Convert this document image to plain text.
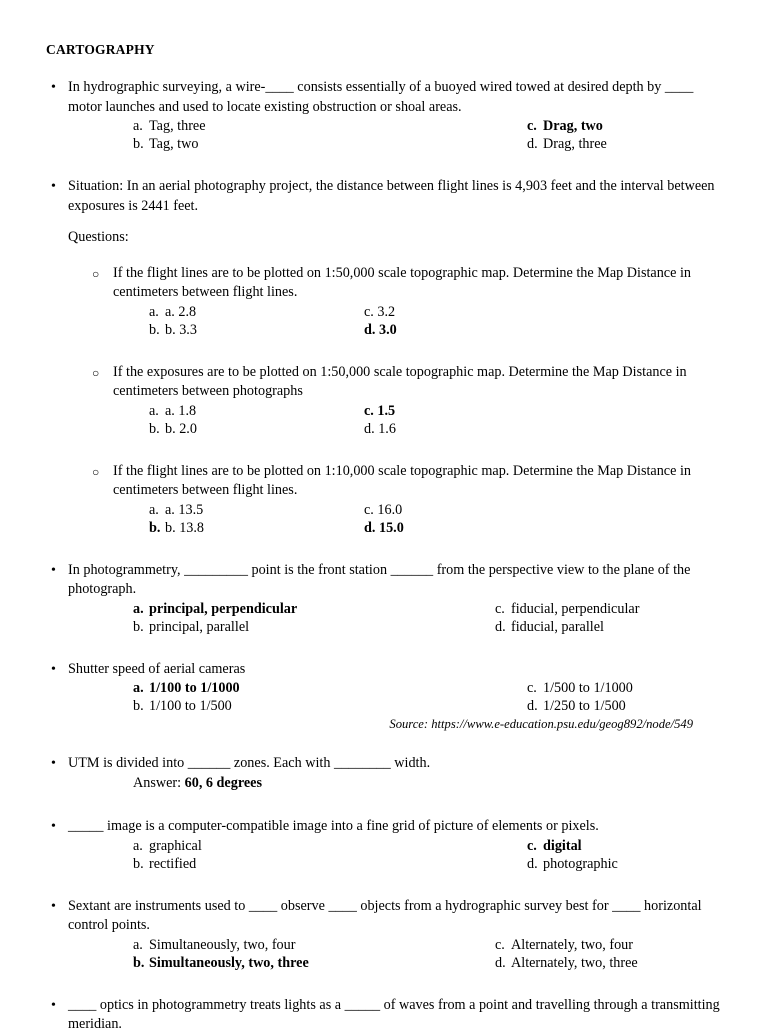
CARTOGRAPHY
• In hydrographic surveying, a wire-____ consists essentially of a buoyed wired towed at desired depth by ____ motor launches and used to locate existing obstruction or shoal areas.
a. Tag, three	c. Drag, two
b. Tag, two	d. Drag, three
• Situation: In an aerial photography project, the distance between flight lines is 4,903 feet and the interval between exposures is 2441 feet.
Questions:
○ If the flight lines are to be plotted on 1:50,000 scale topographic map. Determine the Map Distance in centimeters between flight lines.
a. a. 2.8	c. 3.2
b. b. 3.3	d. 3.0
○ If the exposures are to be plotted on 1:50,000 scale topographic map. Determine the Map Distance in centimeters between photographs
a. a. 1.8	c. 1.5
b. b. 2.0	d. 1.6
○ If the flight lines are to be plotted on 1:10,000 scale topographic map. Determine the Map Distance in centimeters between flight lines.
a. a. 13.5	c. 16.0
b. b. 13.8	d. 15.0
• In photogrammetry, _________ point is the front station ______ from the perspective view to the plane of the photograph.
a. principal, perpendicular	c. fiducial, perpendicular
b. principal, parallel	d. fiducial, parallel
• Shutter speed of aerial cameras
a. 1/100 to 1/1000	c. 1/500 to 1/1000
b. 1/100 to 1/500	d. 1/250 to 1/500
Source: https://www.e-education.psu.edu/geog892/node/549
• UTM is divided into ______ zones. Each with ________ width.
Answer: 60, 6 degrees
• _____ image is a computer-compatible image into a fine grid of picture of elements or pixels.
a. graphical	c. digital
b. rectified	d. photographic
• Sextant are instruments used to ____ observe ____ objects from a hydrographic survey best for ____ horizontal control points.
a. Simultaneously, two, four	c. Alternately, two, four
b. Simultaneously, two, three	d. Alternately, two, three
• ____ optics in photogrammetry treats lights as a _____ of waves from a point and travelling through a transmitting meridian.
